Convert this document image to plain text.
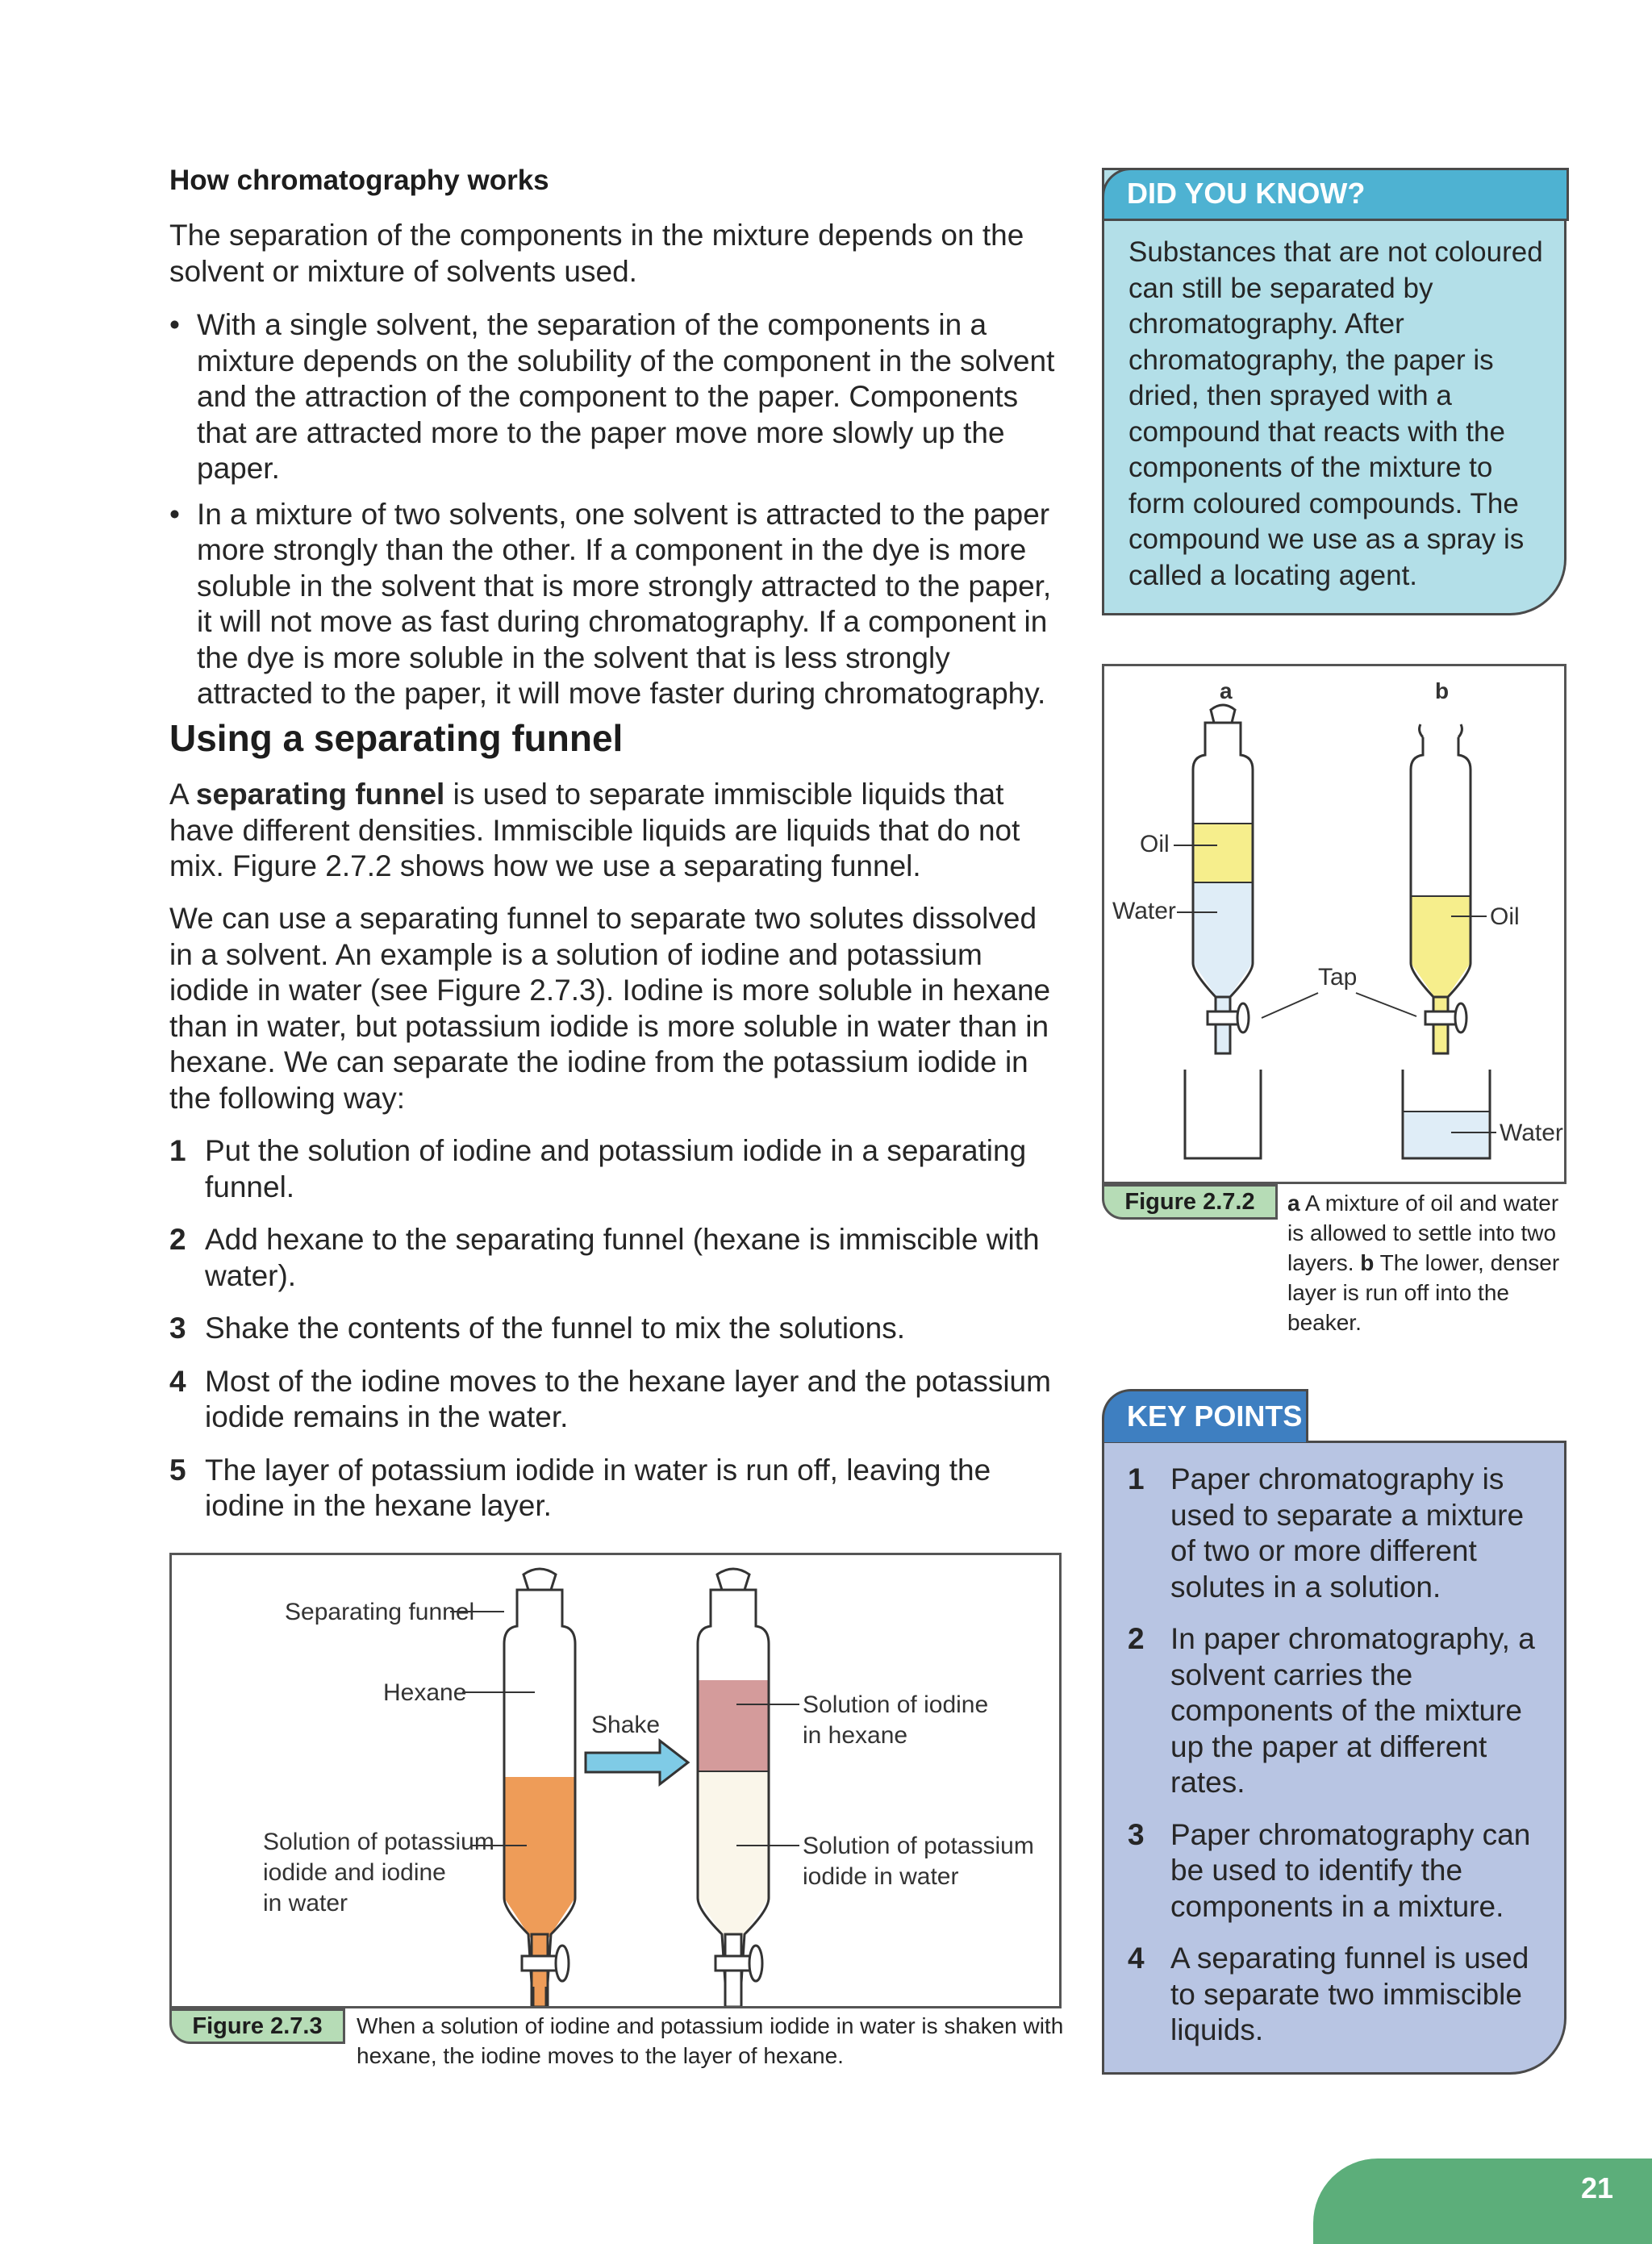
How chromatography works

The separation of the components in the mixture depends on the solvent or mixture of solvents used.

• With a single solvent, the separation of the components in a mixture depends on the solubility of the component in the solvent and the attraction of the component to the paper. Components that are attracted more to the paper move more slowly up the paper.
• In a mixture of two solvents, one solvent is attracted to the paper more strongly than the other. If a component in the dye is more soluble in the solvent that is more strongly attracted to the paper, it will not move as fast during chromatography. If a component in the dye is more soluble in the solvent that is less strongly attracted to the paper, it will move faster during chromatography.
Using a separating funnel

A separating funnel is used to separate immiscible liquids that have different densities. Immiscible liquids are liquids that do not mix. Figure 2.7.2 shows how we use a separating funnel.

We can use a separating funnel to separate two solutes dissolved in a solvent. An example is a solution of iodine and potassium iodide in water (see Figure 2.7.3). Iodine is more soluble in hexane than in water, but potassium iodide is more soluble in water than in hexane. We can separate the iodine from the potassium iodide in the following way:

1 Put the solution of iodine and potassium iodide in a separating funnel.
2 Add hexane to the separating funnel (hexane is immiscible with water).
3 Shake the contents of the funnel to mix the solutions.
4 Most of the iodine moves to the hexane layer and the potassium iodide remains in the water.
5 The layer of potassium iodide in water is run off, leaving the iodine in the hexane layer.
Separating funnel
Hexane
Solution of potassium
iodide and iodine
in water
Shake
Solution of iodine
in hexane
Solution of potassium
iodide in water
Figure 2.7.3	When a solution of iodine and potassium iodide in water is shaken with hexane, the iodine moves to the layer of hexane.
DID YOU KNOW?

Substances that are not coloured can still be separated by chromatography. After chromatography, the paper is dried, then sprayed with a compound that reacts with the components of the mixture to form coloured compounds. The compound we use as a spray is called a locating agent.

a	b
Oil
Water
Tap
Oil
Water
Figure 2.7.2	a A mixture of oil and water is allowed to settle into two layers. b The lower, denser layer is run off into the beaker.
KEY POINTS
1 Paper chromatography is used to separate a mixture of two or more different solutes in a solution.
2 In paper chromatography, a solvent carries the components of the mixture up the paper at different rates.
3 Paper chromatography can be used to identify the components in a mixture.
4 A separating funnel is used to separate two immiscible liquids.
21
